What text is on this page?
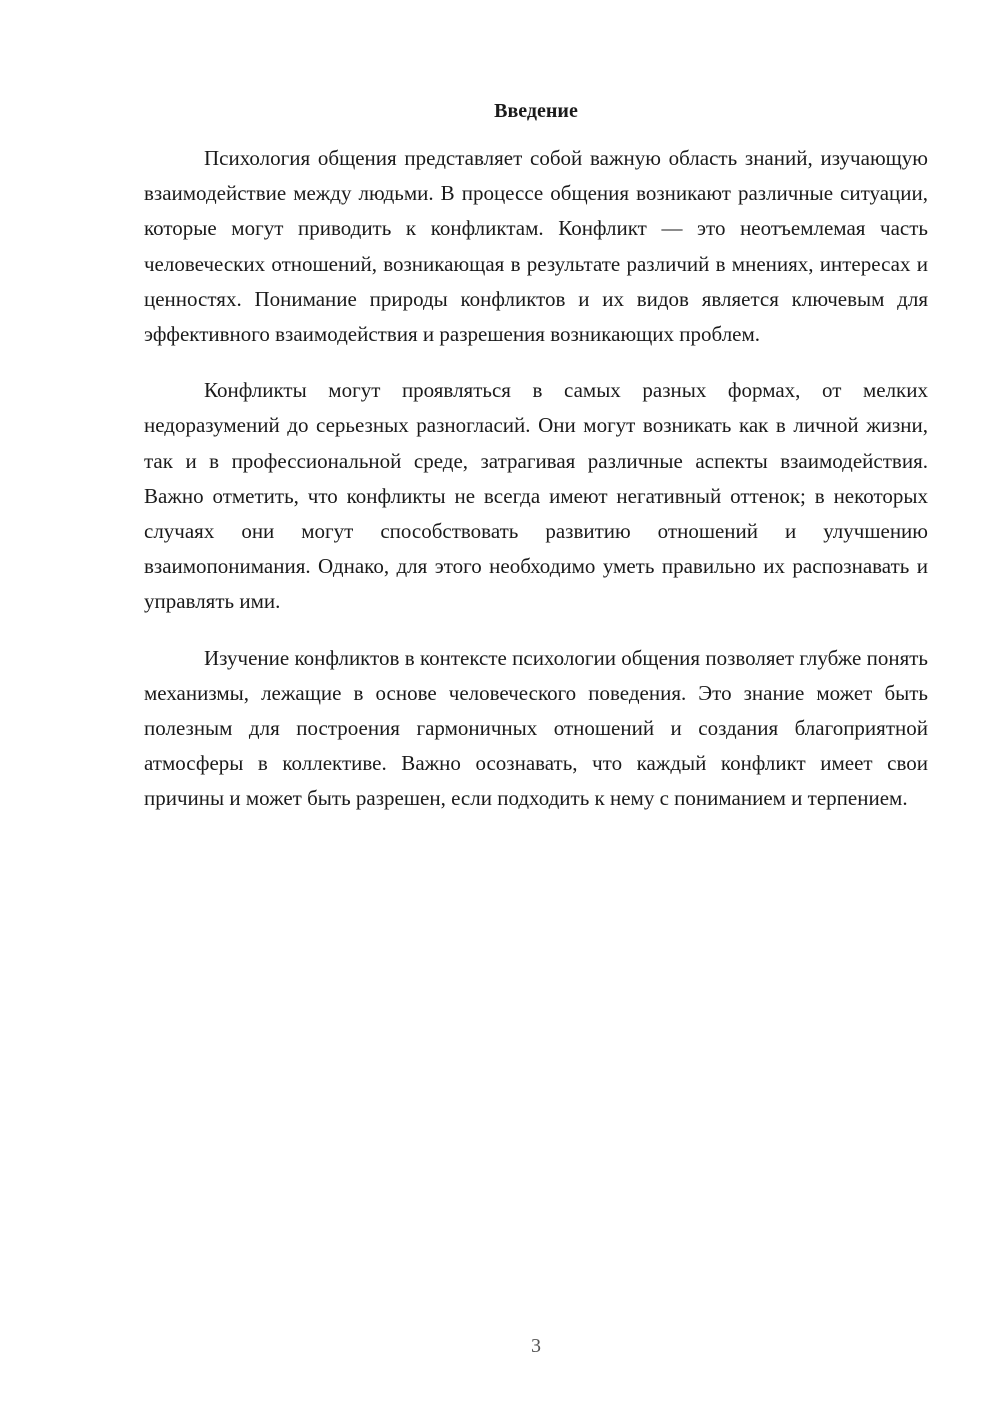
Введение

Психология общения представляет собой важную область знаний, изучающую взаимодействие между людьми. В процессе общения возникают различные ситуации, которые могут приводить к конфликтам. Конфликт — это неотъемлемая часть человеческих отношений, возникающая в результате различий в мнениях, интересах и ценностях. Понимание природы конфликтов и их видов является ключевым для эффективного взаимодействия и разрешения возникающих проблем.

Конфликты могут проявляться в самых разных формах, от мелких недоразумений до серьезных разногласий. Они могут возникать как в личной жизни, так и в профессиональной среде, затрагивая различные аспекты взаимодействия. Важно отметить, что конфликты не всегда имеют негативный оттенок; в некоторых случаях они могут способствовать развитию отношений и улучшению взаимопонимания. Однако, для этого необходимо уметь правильно их распознавать и управлять ими.

Изучение конфликтов в контексте психологии общения позволяет глубже понять механизмы, лежащие в основе человеческого поведения. Это знание может быть полезным для построения гармоничных отношений и создания благоприятной атмосферы в коллективе. Важно осознавать, что каждый конфликт имеет свои причины и может быть разрешен, если подходить к нему с пониманием и терпением.

3
